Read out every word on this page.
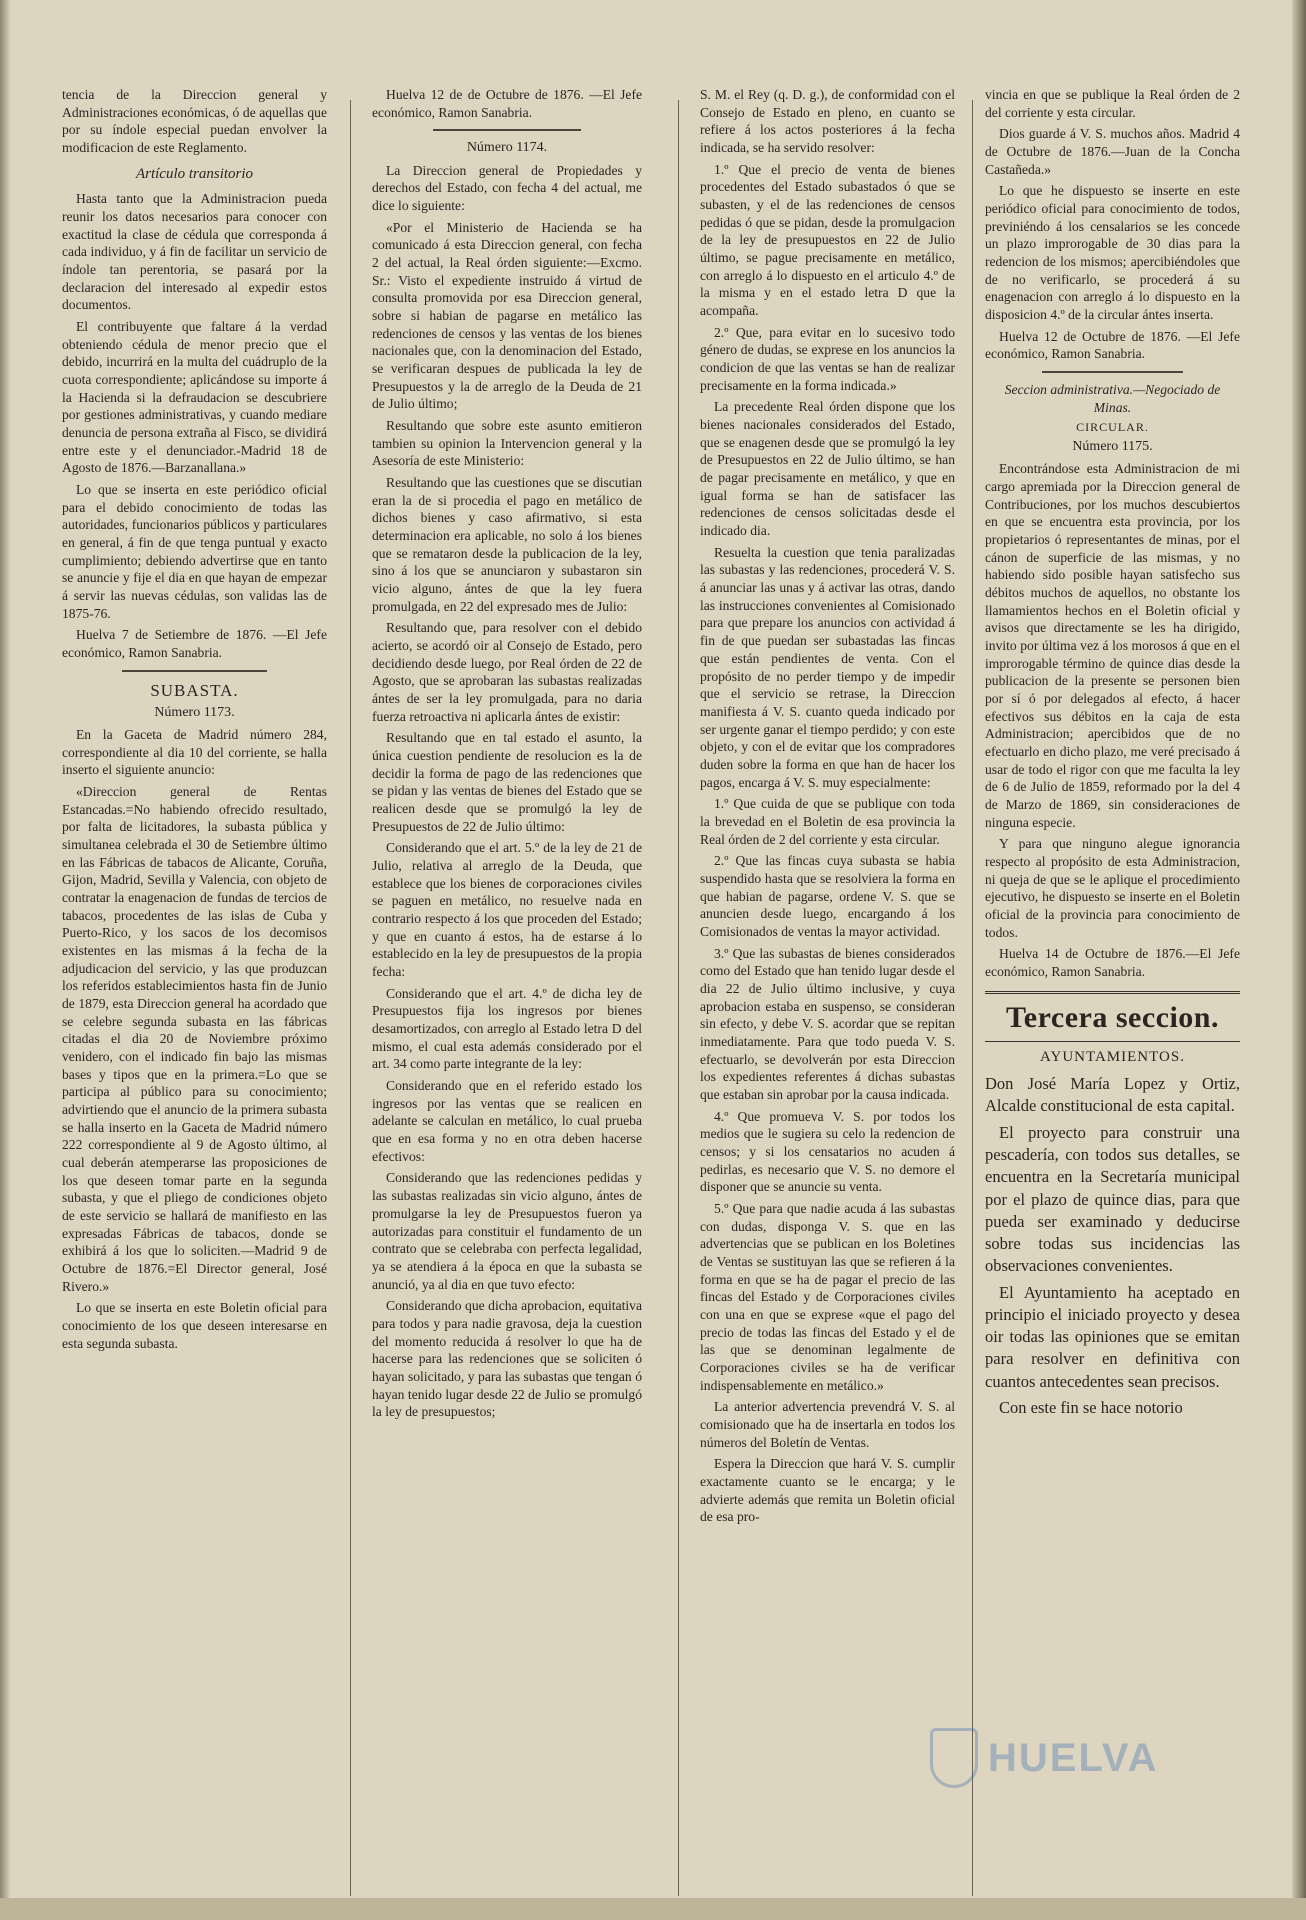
tencia de la Direccion general y Administraciones económicas, ó de aquellas que por su índole especial puedan envolver la modificacion de este Reglamento.

Artículo transitorio

Hasta tanto que la Administracion pueda reunir los datos necesarios para conocer con exactitud la clase de cédula que corresponda á cada individuo, y á fin de facilitar un servicio de índole tan perentoria, se pasará por la declaracion del interesado al expedir estos documentos.

El contribuyente que faltare á la verdad obteniendo cédula de menor precio que el debido, incurrirá en la multa del cuádruplo de la cuota correspondiente; aplicándose su importe á la Hacienda si la defraudacion se descubriere por gestiones administrativas, y cuando mediare denuncia de persona extraña al Fisco, se dividirá entre este y el denunciador.-Madrid 18 de Agosto de 1876.—Barzanallana.»

Lo que se inserta en este periódico oficial para el debido conocimiento de todas las autoridades, funcionarios públicos y particulares en general, á fin de que tenga puntual y exacto cumplimiento; debiendo advertirse que en tanto se anuncie y fije el dia en que hayan de empezar á servir las nuevas cédulas, son validas las de 1875-76.

Huelva 7 de Setiembre de 1876. —El Jefe económico, Ramon Sanabria.

SUBASTA.
Número 1173.

En la Gaceta de Madrid número 284, correspondiente al dia 10 del corriente, se halla inserto el siguiente anuncio:

«Direccion general de Rentas Estancadas.=No habiendo ofrecido resultado, por falta de licitadores, la subasta pública y simultanea celebrada el 30 de Setiembre último en las Fábricas de tabacos de Alicante, Coruña, Gijon, Madrid, Sevilla y Valencia, con objeto de contratar la enagenacion de fundas de tercios de tabacos, procedentes de las islas de Cuba y Puerto-Rico, y los sacos de los decomisos existentes en las mismas á la fecha de la adjudicacion del servicio, y las que produzcan los referidos establecimientos hasta fin de Junio de 1879, esta Direccion general ha acordado que se celebre segunda subasta en las fábricas citadas el dia 20 de Noviembre próximo venidero, con el indicado fin bajo las mismas bases y tipos que en la primera.=Lo que se participa al público para su conocimiento; advirtiendo que el anuncio de la primera subasta se halla inserto en la Gaceta de Madrid número 222 correspondiente al 9 de Agosto último, al cual deberán atemperarse las proposiciones de los que deseen tomar parte en la segunda subasta, y que el pliego de condiciones objeto de este servicio se hallará de manifiesto en las expresadas Fábricas de tabacos, donde se exhibirá á los que lo soliciten.—Madrid 9 de Octubre de 1876.=El Director general, José Rivero.»

Lo que se inserta en este Boletin oficial para conocimiento de los que deseen interesarse en esta segunda subasta.

Huelva 12 de de Octubre de 1876. —El Jefe económico, Ramon Sanabria.

Número 1174.

La Direccion general de Propiedades y derechos del Estado, con fecha 4 del actual, me dice lo siguiente:

«Por el Ministerio de Hacienda se ha comunicado á esta Direccion general, con fecha 2 del actual, la Real órden siguiente:—Excmo. Sr.: Visto el expediente instruido á virtud de consulta promovida por esa Direccion general, sobre si habian de pagarse en metálico las redenciones de censos y las ventas de los bienes nacionales que, con la denominacion del Estado, se verificaran despues de publicada la ley de Presupuestos y la de arreglo de la Deuda de 21 de Julio último;

Resultando que sobre este asunto emitieron tambien su opinion la Intervencion general y la Asesoría de este Ministerio:

Resultando que las cuestiones que se discutian eran la de si procedia el pago en metálico de dichos bienes y caso afirmativo, si esta determinacion era aplicable, no solo á los bienes que se remataron desde la publicacion de la ley, sino á los que se anunciaron y subastaron sin vicio alguno, ántes de que la ley fuera promulgada, en 22 del expresado mes de Julio:

Resultando que, para resolver con el debido acierto, se acordó oir al Consejo de Estado, pero decidiendo desde luego, por Real órden de 22 de Agosto, que se aprobaran las subastas realizadas ántes de ser la ley promulgada, para no daria fuerza retroactiva ni aplicarla ántes de existir:

Resultando que en tal estado el asunto, la única cuestion pendiente de resolucion es la de decidir la forma de pago de las redenciones que se pidan y las ventas de bienes del Estado que se realicen desde que se promulgó la ley de Presupuestos de 22 de Julio último:

Considerando que el art. 5.º de la ley de 21 de Julio, relativa al arreglo de la Deuda, que establece que los bienes de corporaciones civiles se paguen en metálico, no resuelve nada en contrario respecto á los que proceden del Estado; y que en cuanto á estos, ha de estarse á lo establecido en la ley de presupuestos de la propia fecha:

Considerando que el art. 4.º de dicha ley de Presupuestos fija los ingresos por bienes desamortizados, con arreglo al Estado letra D del mismo, el cual esta además considerado por el art. 34 como parte integrante de la ley:

Considerando que en el referido estado los ingresos por las ventas que se realicen en adelante se calculan en metálico, lo cual prueba que en esa forma y no en otra deben hacerse efectivos:

Considerando que las redenciones pedidas y las subastas realizadas sin vicio alguno, ántes de promulgarse la ley de Presupuestos fueron ya autorizadas para constituir el fundamento de un contrato que se celebraba con perfecta legalidad, ya se atendiera á la época en que la subasta se anunció, ya al dia en que tuvo efecto:

Considerando que dicha aprobacion, equitativa para todos y para nadie gravosa, deja la cuestion del momento reducida á resolver lo que ha de hacerse para las redenciones que se soliciten ó hayan solicitado, y para las subastas que tengan ó hayan tenido lugar desde 22 de Julio se promulgó la ley de presupuestos;

S. M. el Rey (q. D. g.), de conformidad con el Consejo de Estado en pleno, en cuanto se refiere á los actos posteriores á la fecha indicada, se ha servido resolver:

1.º Que el precio de venta de bienes procedentes del Estado subastados ó que se subasten, y el de las redenciones de censos pedidas ó que se pidan, desde la promulgacion de la ley de presupuestos en 22 de Julio último, se pague precisamente en metálico, con arreglo á lo dispuesto en el articulo 4.º de la misma y en el estado letra D que la acompaña.

2.º Que, para evitar en lo sucesivo todo género de dudas, se exprese en los anuncios la condicion de que las ventas se han de realizar precisamente en la forma indicada.»

La precedente Real órden dispone que los bienes nacionales considerados del Estado, que se enagenen desde que se promulgó la ley de Presupuestos en 22 de Julio último, se han de pagar precisamente en metálico, y que en igual forma se han de satisfacer las redenciones de censos solicitadas desde el indicado dia.

Resuelta la cuestion que tenia paralizadas las subastas y las redenciones, procederá V. S. á anunciar las unas y á activar las otras, dando las instrucciones convenientes al Comisionado para que prepare los anuncios con actividad á fin de que puedan ser subastadas las fincas que están pendientes de venta. Con el propósito de no perder tiempo y de impedir que el servicio se retrase, la Direccion manifiesta á V. S. cuanto queda indicado por ser urgente ganar el tiempo perdido; y con este objeto, y con el de evitar que los compradores duden sobre la forma en que han de hacer los pagos, encarga á V. S. muy especialmente:

1.º Que cuida de que se publique con toda la brevedad en el Boletin de esa provincia la Real órden de 2 del corriente y esta circular.

2.º Que las fincas cuya subasta se habia suspendido hasta que se resolviera la forma en que habian de pagarse, ordene V. S. que se anuncien desde luego, encargando á los Comisionados de ventas la mayor actividad.

3.º Que las subastas de bienes considerados como del Estado que han tenido lugar desde el dia 22 de Julio último inclusive, y cuya aprobacion estaba en suspenso, se consideran sin efecto, y debe V. S. acordar que se repitan inmediatamente. Para que todo pueda V. S. efectuarlo, se devolverán por esta Direccion los expedientes referentes á dichas subastas que estaban sin aprobar por la causa indicada.

4.º Que promueva V. S. por todos los medios que le sugiera su celo la redencion de censos; y si los censatarios no acuden á pedirlas, es necesario que V. S. no demore el disponer que se anuncie su venta.

5.º Que para que nadie acuda á las subastas con dudas, disponga V. S. que en las advertencias que se publican en los Boletines de Ventas se sustituyan las que se refieren á la forma en que se ha de pagar el precio de las fincas del Estado y de Corporaciones civiles con una en que se exprese «que el pago del precio de todas las fincas del Estado y el de las que se denominan legalmente de Corporaciones civiles se ha de verificar indispensablemente en metálico.»

La anterior advertencia prevendrá V. S. al comisionado que ha de insertarla en todos los números del Boletín de Ventas.

Espera la Direccion que hará V. S. cumplir exactamente cuanto se le encarga; y le advierte además que remita un Boletin oficial de esa pro-

vincia en que se publique la Real órden de 2 del corriente y esta circular.

Dios guarde á V. S. muchos años. Madrid 4 de Octubre de 1876.—Juan de la Concha Castañeda.»

Lo que he dispuesto se inserte en este periódico oficial para conocimiento de todos, previniéndo á los censalarios se les concede un plazo improrogable de 30 dias para la redencion de los mismos; apercibiéndoles que de no verificarlo, se procederá á su enagenacion con arreglo á lo dispuesto en la disposicion 4.º de la circular ántes inserta.

Huelva 12 de Octubre de 1876. —El Jefe económico, Ramon Sanabria.

Seccion administrativa.—Negociado de Minas.

CIRCULAR.
Número 1175.

Encontrándose esta Administracion de mi cargo apremiada por la Direccion general de Contribuciones, por los muchos descubiertos en que se encuentra esta provincia, por los propietarios ó representantes de minas, por el cánon de superficie de las mismas, y no habiendo sido posible hayan satisfecho sus débitos muchos de aquellos, no obstante los llamamientos hechos en el Boletin oficial y avisos que directamente se les ha dirigido, invito por última vez á los morosos á que en el improrogable término de quince dias desde la publicacion de la presente se personen bien por sí ó por delegados al efecto, á hacer efectivos sus débitos en la caja de esta Administracion; apercibidos que de no efectuarlo en dicho plazo, me veré precisado á usar de todo el rigor con que me faculta la ley de 6 de Julio de 1859, reformado por la del 4 de Marzo de 1869, sin consideraciones de ninguna especie.

Y para que ninguno alegue ignorancia respecto al propósito de esta Administracion, ni queja de que se le aplique el procedimiento ejecutivo, he dispuesto se inserte en el Boletin oficial de la provincia para conocimiento de todos.

Huelva 14 de Octubre de 1876.—El Jefe económico, Ramon Sanabria.

Tercera seccion.
AYUNTAMIENTOS.

Don José María Lopez y Ortiz, Alcalde constitucional de esta capital.

El proyecto para construir una pescadería, con todos sus detalles, se encuentra en la Secretaría municipal por el plazo de quince dias, para que pueda ser examinado y deducirse sobre todas sus incidencias las observaciones convenientes.

El Ayuntamiento ha aceptado en principio el iniciado proyecto y desea oir todas las opiniones que se emitan para resolver en definitiva con cuantos antecedentes sean precisos.

Con este fin se hace notorio

HUELVA
